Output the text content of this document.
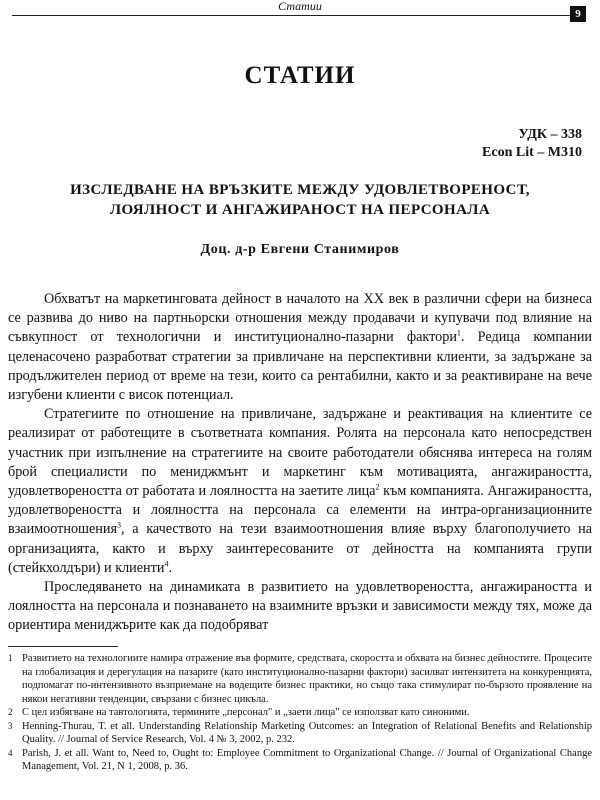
Статии
9
СТАТИИ
УДК – 338
Econ Lit – M310
ИЗСЛЕДВАНЕ НА ВРЪЗКИТЕ МЕЖДУ УДОВЛЕТВОРЕНОСТ,
ЛОЯЛНОСТ И АНГАЖИРАНОСТ НА ПЕРСОНАЛА
Доц. д-р Евгени Станимиров

Обхватът на маркетинговата дейност в началото на XX век в различни сфери на бизнеса се развива до ниво на партньорски отношения между продавачи и купувачи под влияние на съвкупност от технологични и институционално-пазарни фактори$^1$. Редица компании целенасочено разработват стратегии за привличане на перспективни клиенти, за задържане за продължителен период от време на тези, които са рентабилни, както и за реактивиране на вече изгубени клиенти с висок потенциал.

Стратегиите по отношение на привличане, задържане и реактивация на клиентите се реализират от работещите в съответната компания. Ролята на персонала като непосредствен участник при изпълнение на стратегиите на своите работодатели обяснява интереса на голям брой специалисти по мениджмънт и маркетинг към мотивацията, ангажираността, удовлетвореността от работата и лоялността на заетите лица$^2$ към компанията. Ангажираността, удовлетвореността и лоялността на персонала са елементи на интра-организационните взаимоотношения$^3$, а качеството на тези взаимоотношения влияе върху благополучието на организацията, както и върху заинтересованите от дейността на компанията групи (стейкхолдъри) и клиенти$^4$.

Проследяването на динамиката в развитието на удовлетвореността, ангажираността и лоялността на персонала и познаването на взаимните връзки и зависимости между тях, може да ориентира мениджърите как да подобряват

1 Развитието на технологиите намира отражение във формите, средствата, скоростта и обхвата на бизнес дейностите. Процесите на глобализация и дерегулация на пазарите (като институционално-пазарни фактори) засилват интензитета на конкуренцията, подпомагат по-интензивното възприемане на водещите бизнес практики, но също така стимулират по-бързото проявление на някои негативни тенденции, свързани с бизнес цикъла.
2 С цел избягване на тавтологията, термините „персонал" и „заети лица" се използват като синоними.
3 Henning-Thurau, T. et all. Understanding Relationship Marketing Outcomes: an Integration of Relational Benefits and Relationship Quality. // Journal of Service Research, Vol. 4 № 3, 2002, p. 232.
4 Parish, J. et all. Want to, Need to, Ought to: Employee Commitment to Organizational Change. // Journal of Organizational Change Management, Vol. 21, N 1, 2008, p. 36.
